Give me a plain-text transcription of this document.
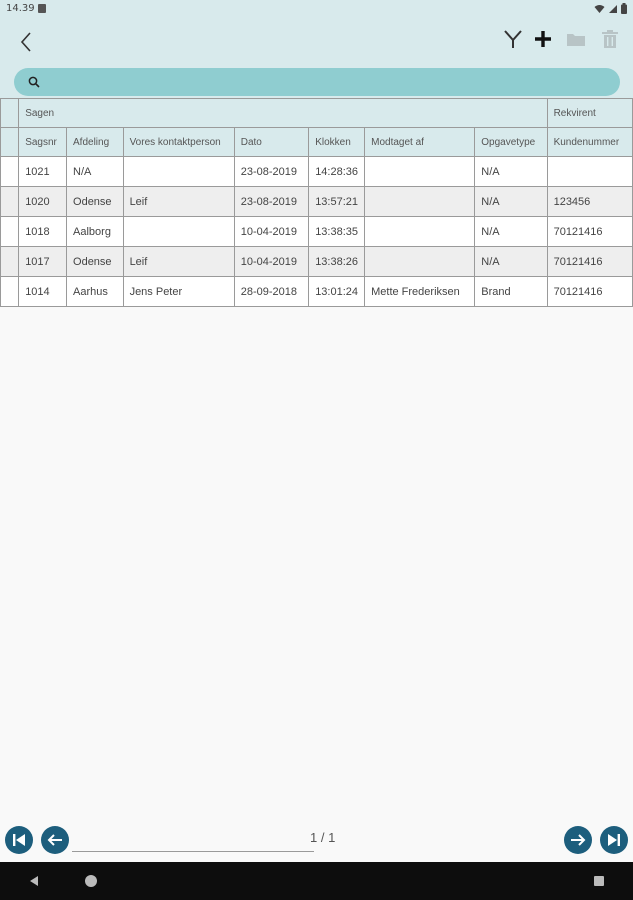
14.39
	Sagen							Rekvirent
	Sagsnr	Afdeling	Vores kontaktperson	Dato	Klokken	Modtaget af	Opgavetype	Kundenummer
	1021	N/A		23-08-2019	14:28:36		N/A	
	1020	Odense	Leif	23-08-2019	13:57:21		N/A	123456
	1018	Aalborg		10-04-2019	13:38:35		N/A	70121416
	1017	Odense	Leif	10-04-2019	13:38:26		N/A	70121416
	1014	Aarhus	Jens Peter	28-09-2018	13:01:24	Mette Frederiksen	Brand	70121416
1 / 1
